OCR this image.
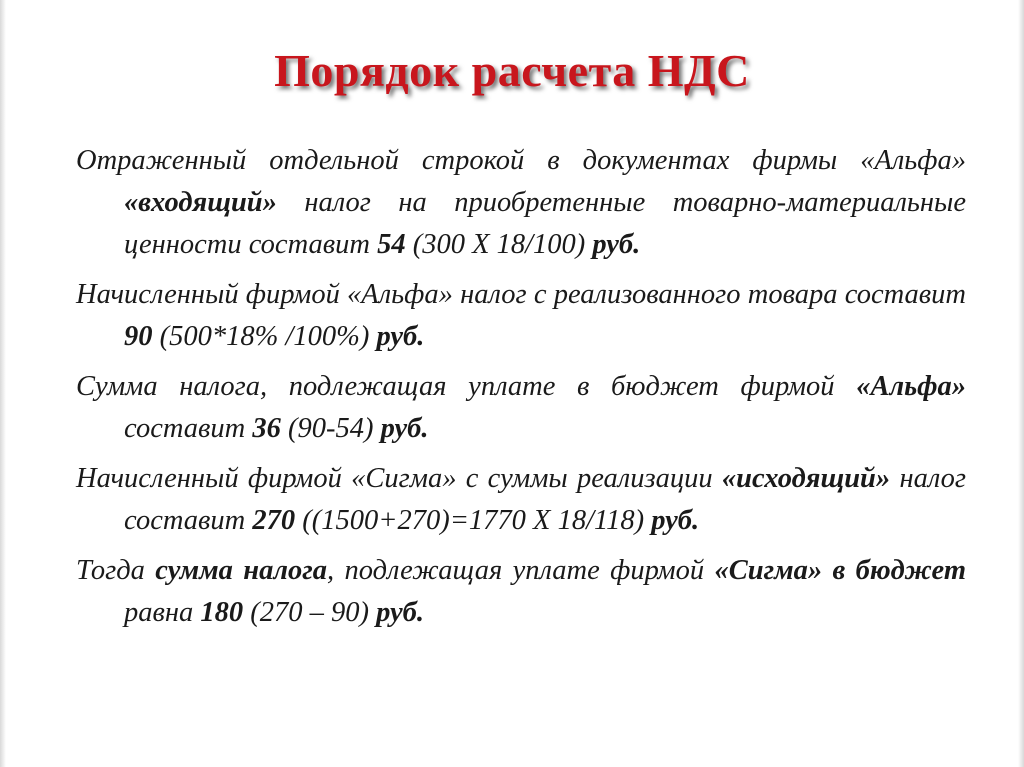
Порядок расчета НДС

Отраженный отдельной строкой в документах фирмы «Альфа» «входящий» налог на приобретенные товарно-материальные ценности составит 54 (300 Х 18/100) руб.

Начисленный фирмой «Альфа» налог с реализованного товара составит 90 (500*18% /100%) руб.

Сумма налога, подлежащая уплате в бюджет фирмой «Альфа» составит 36 (90-54) руб.

Начисленный фирмой «Сигма» с суммы реализации «исходящий» налог составит 270 ((1500+270)=1770 Х 18/118) руб.

Тогда сумма налога, подлежащая уплате фирмой «Сигма» в бюджет равна 180 (270 – 90) руб.
